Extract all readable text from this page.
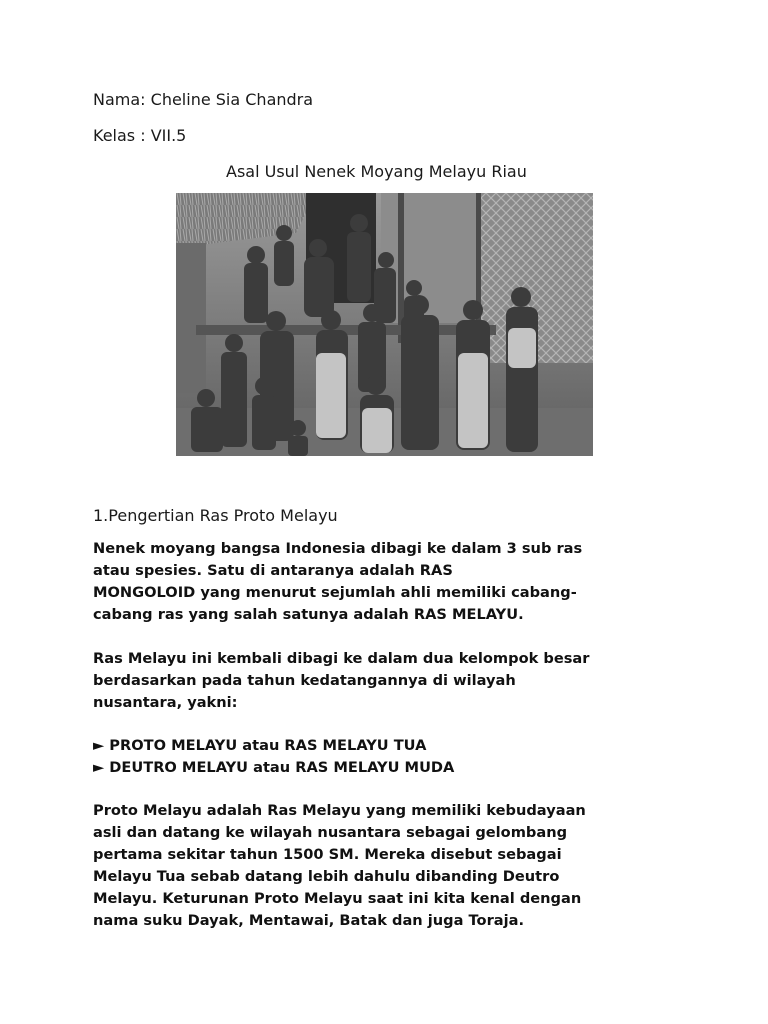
Nama: Cheline Sia Chandra
Kelas : VII.5
Asal Usul Nenek Moyang Melayu Riau
1.Pengertian Ras Proto Melayu
Nenek moyang bangsa Indonesia dibagi ke dalam 3 sub ras
atau spesies. Satu di antaranya adalah RAS
MONGOLOID yang menurut sejumlah ahli memiliki cabang-
cabang ras yang salah satunya adalah RAS MELAYU.
Ras Melayu ini kembali dibagi ke dalam dua kelompok besar
berdasarkan pada tahun kedatangannya di wilayah
nusantara, yakni:
► PROTO MELAYU atau RAS MELAYU TUA
► DEUTRO MELAYU atau RAS MELAYU MUDA
Proto Melayu adalah Ras Melayu yang memiliki kebudayaan
asli dan datang ke wilayah nusantara sebagai gelombang
pertama sekitar tahun 1500 SM. Mereka disebut sebagai
Melayu Tua sebab datang lebih dahulu dibanding Deutro
Melayu. Keturunan Proto Melayu saat ini kita kenal dengan
nama suku Dayak, Mentawai, Batak dan juga Toraja.
